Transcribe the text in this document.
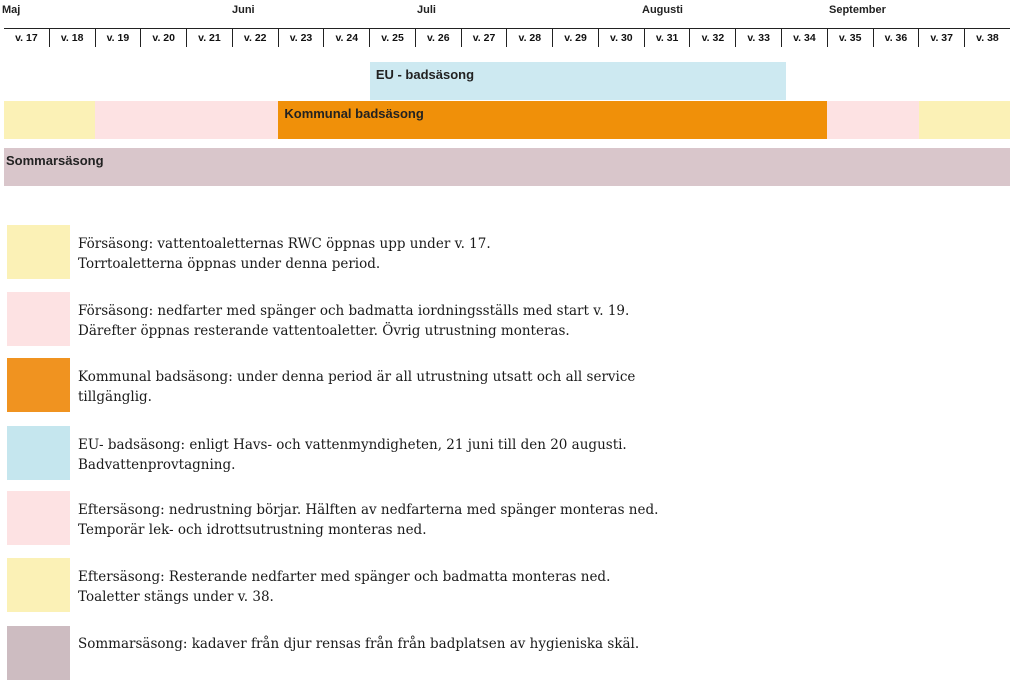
Maj	Juni	Juli	Augusti	September
v. 17	v. 18	v. 19	v. 20	v. 21	v. 22	v. 23	v. 24	v. 25	v. 26	v. 27	v. 28	v. 29	v. 30	v. 31	v. 32	v. 33	v. 34	v. 35	v. 36	v. 37	v. 38
EU - badsäsong
Kommunal badsäsong
Sommarsäsong
Försäsong: vattentoaletternas RWC öppnas upp under v. 17.
Torrtoaletterna öppnas under denna period.
Försäsong: nedfarter med spänger och badmatta iordningsställs med start v. 19.
Därefter öppnas resterande vattentoaletter. Övrig utrustning monteras.
Kommunal badsäsong: under denna period är all utrustning utsatt och all service
tillgänglig.
EU- badsäsong: enligt Havs- och vattenmyndigheten, 21 juni till den 20 augusti.
Badvattenprovtagning.
Eftersäsong: nedrustning börjar. Hälften av nedfarterna med spänger monteras ned.
Temporär lek- och idrottsutrustning monteras ned.
Eftersäsong: Resterande nedfarter med spänger och badmatta monteras ned.
Toaletter stängs under v. 38.
Sommarsäsong: kadaver från djur rensas från från badplatsen av hygieniska skäl.
